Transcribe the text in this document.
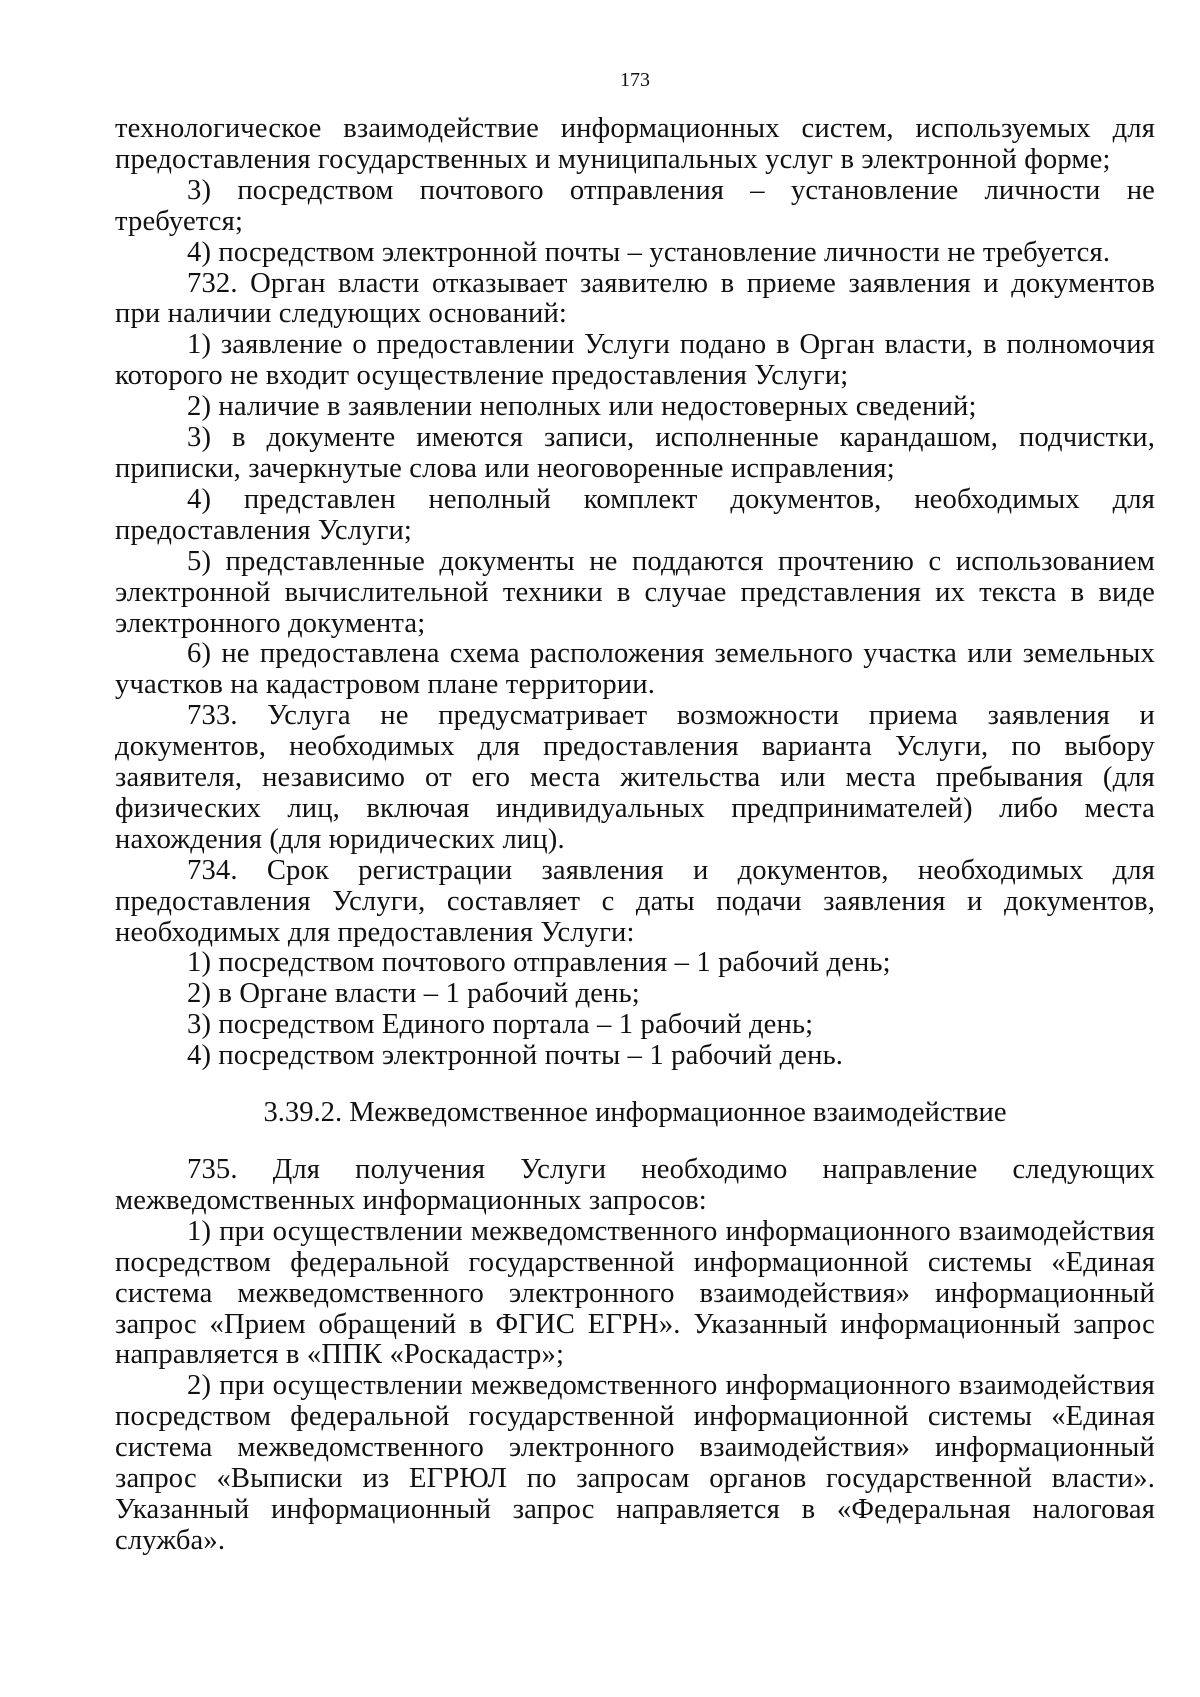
173

технологическое взаимодействие информационных систем, используемых для предоставления государственных и муниципальных услуг в электронной форме;

3) посредством почтового отправления – установление личности не требуется;

4) посредством электронной почты – установление личности не требуется.

732. Орган власти отказывает заявителю в приеме заявления и документов при наличии следующих оснований:

1) заявление о предоставлении Услуги подано в Орган власти, в полномочия которого не входит осуществление предоставления Услуги;

2) наличие в заявлении неполных или недостоверных сведений;

3) в документе имеются записи, исполненные карандашом, подчистки, приписки, зачеркнутые слова или неоговоренные исправления;

4) представлен неполный комплект документов, необходимых для предоставления Услуги;

5) представленные документы не поддаются прочтению с использованием электронной вычислительной техники в случае представления их текста в виде электронного документа;

6) не предоставлена схема расположения земельного участка или земельных участков на кадастровом плане территории.

733. Услуга не предусматривает возможности приема заявления и документов, необходимых для предоставления варианта Услуги, по выбору заявителя, независимо от его места жительства или места пребывания (для физических лиц, включая индивидуальных предпринимателей) либо места нахождения (для юридических лиц).

734. Срок регистрации заявления и документов, необходимых для предоставления Услуги, составляет с даты подачи заявления и документов, необходимых для предоставления Услуги:

1) посредством почтового отправления – 1 рабочий день;

2) в Органе власти – 1 рабочий день;

3) посредством Единого портала – 1 рабочий день;

4) посредством электронной почты – 1 рабочий день.

3.39.2. Межведомственное информационное взаимодействие

735. Для получения Услуги необходимо направление следующих межведомственных информационных запросов:

1) при осуществлении межведомственного информационного взаимодействия посредством федеральной государственной информационной системы «Единая система межведомственного электронного взаимодействия» информационный запрос «Прием обращений в ФГИС ЕГРН». Указанный информационный запрос направляется в «ППК «Роскадастр»;

2) при осуществлении межведомственного информационного взаимодействия посредством федеральной государственной информационной системы «Единая система межведомственного электронного взаимодействия» информационный запрос «Выписки из ЕГРЮЛ по запросам органов государственной власти». Указанный информационный запрос направляется в «Федеральная налоговая служба».
